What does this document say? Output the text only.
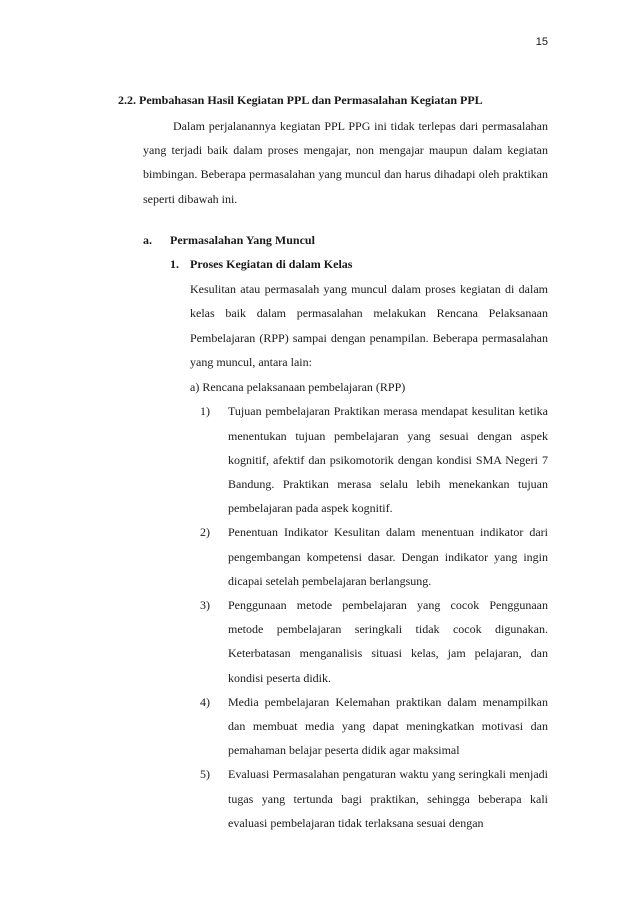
15
2.2. Pembahasan Hasil Kegiatan PPL dan Permasalahan Kegiatan PPL

Dalam perjalanannya kegiatan PPL PPG ini tidak terlepas dari permasalahan yang terjadi baik dalam proses mengajar, non mengajar maupun dalam kegiatan bimbingan. Beberapa permasalahan yang muncul dan harus dihadapi oleh praktikan seperti dibawah ini.

a.	Permasalahan Yang Muncul
1. Proses Kegiatan di dalam Kelas

Kesulitan atau permasalah yang muncul dalam proses kegiatan di dalam kelas baik dalam permasalahan melakukan Rencana Pelaksanaan Pembelajaran (RPP) sampai dengan penampilan. Beberapa permasalahan yang muncul, antara lain:

a) Rencana pelaksanaan pembelajaran (RPP)
1)	Tujuan pembelajaran Praktikan merasa mendapat kesulitan ketika menentukan tujuan pembelajaran yang sesuai dengan aspek kognitif, afektif dan psikomotorik dengan kondisi SMA Negeri 7 Bandung. Praktikan merasa selalu lebih menekankan tujuan pembelajaran pada aspek kognitif.
2)	Penentuan Indikator Kesulitan dalam menentuan indikator dari pengembangan kompetensi dasar. Dengan indikator yang ingin dicapai setelah pembelajaran berlangsung.
3)	Penggunaan metode pembelajaran yang cocok Penggunaan metode pembelajaran seringkali tidak cocok digunakan. Keterbatasan menganalisis situasi kelas, jam pelajaran, dan kondisi peserta didik.
4)	Media pembelajaran Kelemahan praktikan dalam menampilkan dan membuat media yang dapat meningkatkan motivasi dan pemahaman belajar peserta didik agar maksimal
5)	Evaluasi Permasalahan pengaturan waktu yang seringkali menjadi tugas yang tertunda bagi praktikan, sehingga beberapa kali evaluasi pembelajaran tidak terlaksana sesuai dengan
